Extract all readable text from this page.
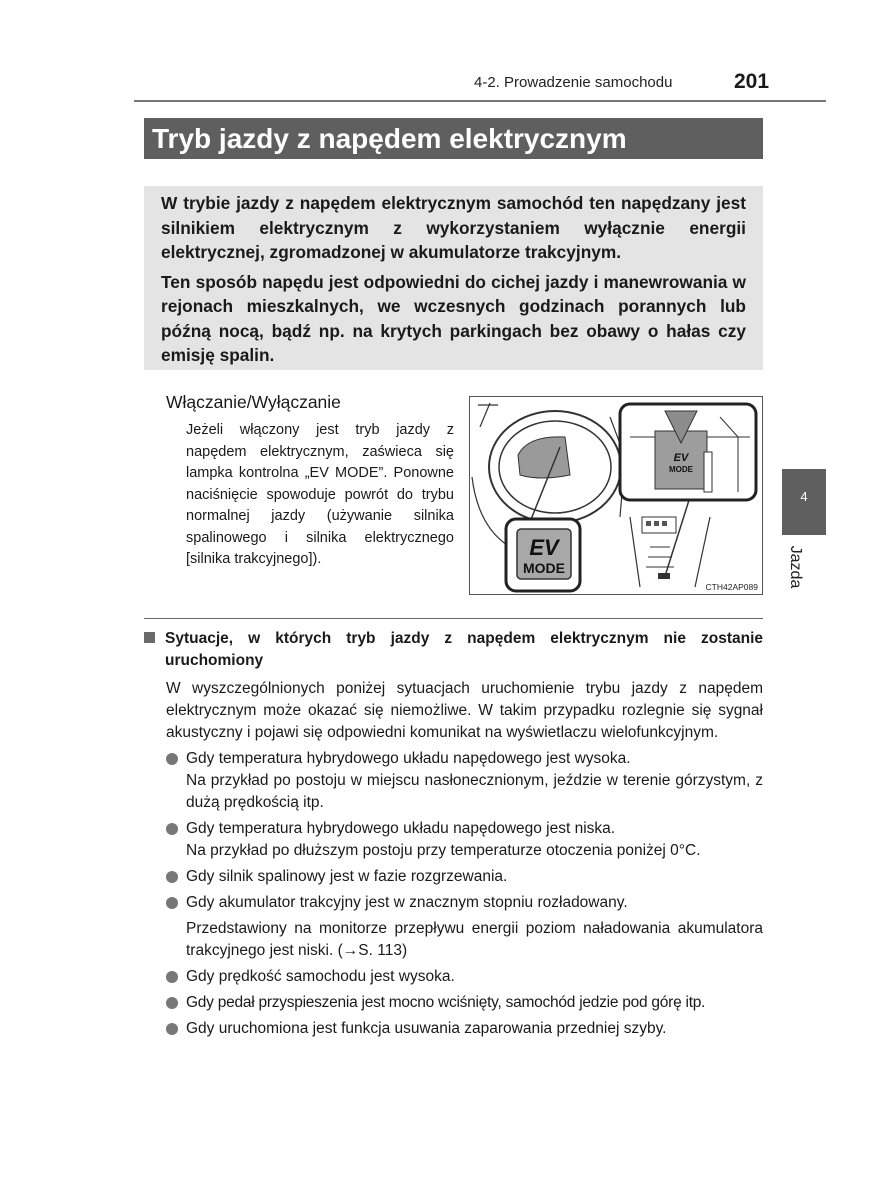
4-2. Prowadzenie samochodu	201
Tryb jazdy z napędem elektrycznym

W trybie jazdy z napędem elektrycznym samochód ten napędzany jest silnikiem elektrycznym z wykorzystaniem wyłącznie energii elektrycznej, zgromadzonej w akumulatorze trakcyjnym.

Ten sposób napędu jest odpowiedni do cichej jazdy i manewrowania w rejonach mieszkalnych, we wczesnych godzinach porannych lub późną nocą, bądź np. na krytych parkingach bez obawy o hałas czy emisję spalin.

Włączanie/Wyłączanie
Jeżeli włączony jest tryb jazdy z napędem elektrycznym, zaświeca się lampka kontrolna „EV MODE”. Ponowne naciśnięcie spowoduje powrót do trybu normalnej jazdy (używanie silnika spalinowego i silnika elektrycznego [silnika trakcyjnego]).
EV
MODE
EV
MODE
CTH42AP089
4
Jazda
Sytuacje, w których tryb jazdy z napędem elektrycznym nie zostanie uruchomiony
W wyszczególnionych poniżej sytuacjach uruchomienie trybu jazdy z napędem elektrycznym może okazać się niemożliwe. W takim przypadku rozlegnie się sygnał akustyczny i pojawi się odpowiedni komunikat na wyświetlaczu wielofunkcyjnym.
Gdy temperatura hybrydowego układu napędowego jest wysoka.
Na przykład po postoju w miejscu nasłonecznionym, jeździe w terenie górzystym, z dużą prędkością itp.
Gdy temperatura hybrydowego układu napędowego jest niska.
Na przykład po dłuższym postoju przy temperaturze otoczenia poniżej 0°C.
Gdy silnik spalinowy jest w fazie rozgrzewania.
Gdy akumulator trakcyjny jest w znacznym stopniu rozładowany.
Przedstawiony na monitorze przepływu energii poziom naładowania akumulatora trakcyjnego jest niski. (→S. 113)
Gdy prędkość samochodu jest wysoka.
Gdy pedał przyspieszenia jest mocno wciśnięty, samochód jedzie pod górę itp.
Gdy uruchomiona jest funkcja usuwania zaparowania przedniej szyby.
